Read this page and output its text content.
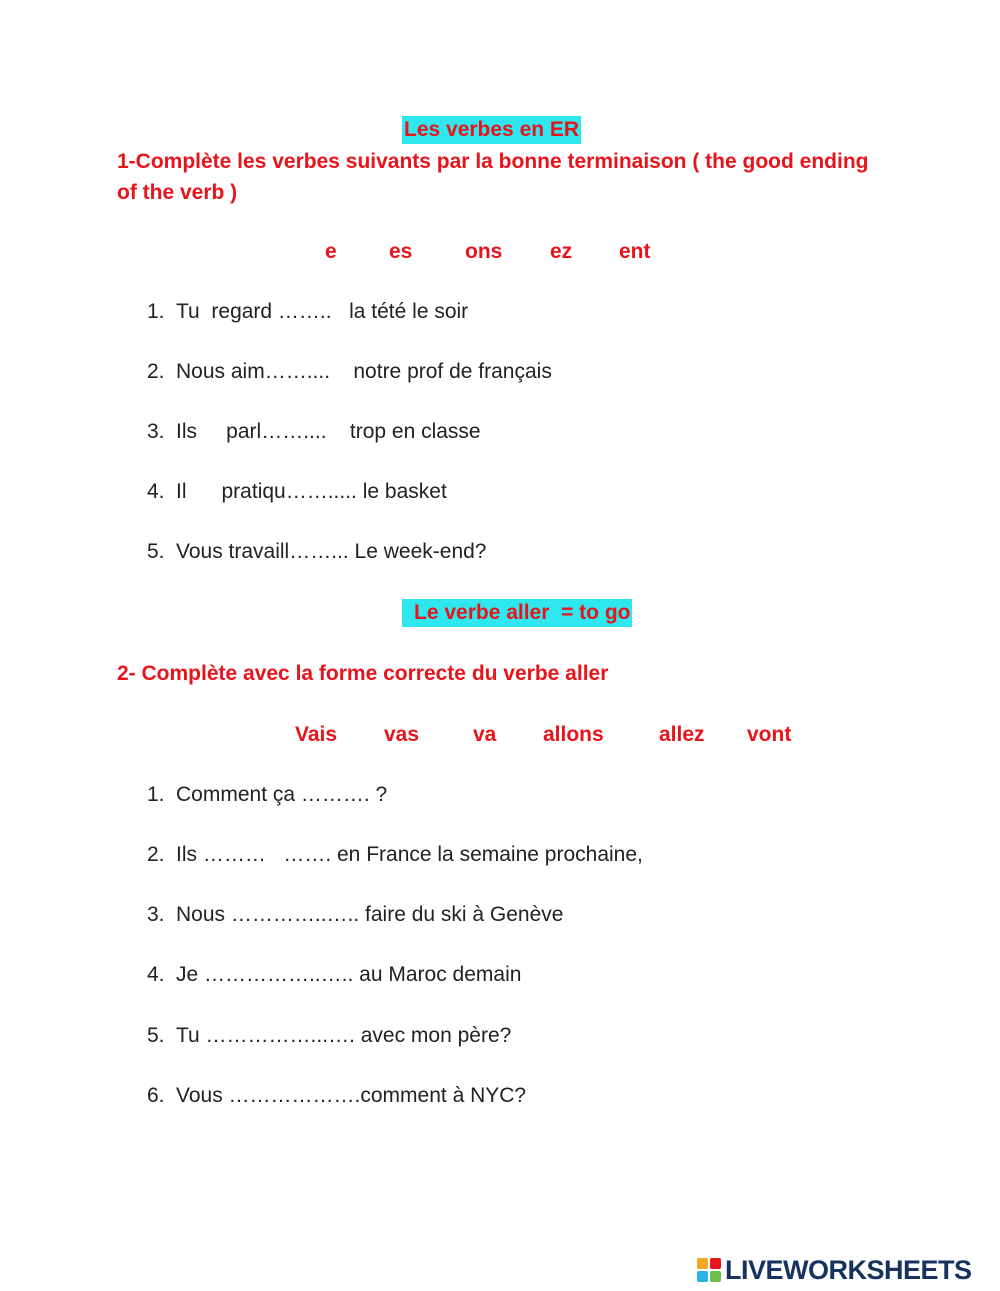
Les verbes en ER
1-Complète les verbes suivants par la bonne terminaison ( the good ending of the verb )
e es	ons ez ent
1. Tu  regard ……..   la tété le soir
2. Nous aim……....    notre prof de français
3. Ils     parl……....    trop en classe
4. Il      pratiqu……..... le basket
5. Vous travaill……... Le week-end?
Le verbe aller  = to go
2- Complète avec la forme correcte du verbe aller
Vais vas	va allons	allez vont
1. Comment ça ………. ?
2. Ils ………   ……. en France la semaine prochaine,
3. Nous …………..….. faire du ski à Genève
4. Je ……………..….. au Maroc demain
5. Tu ……………...…. avec mon père?
6. Vous ……………….comment à NYC?
LIVEWORKSHEETS
